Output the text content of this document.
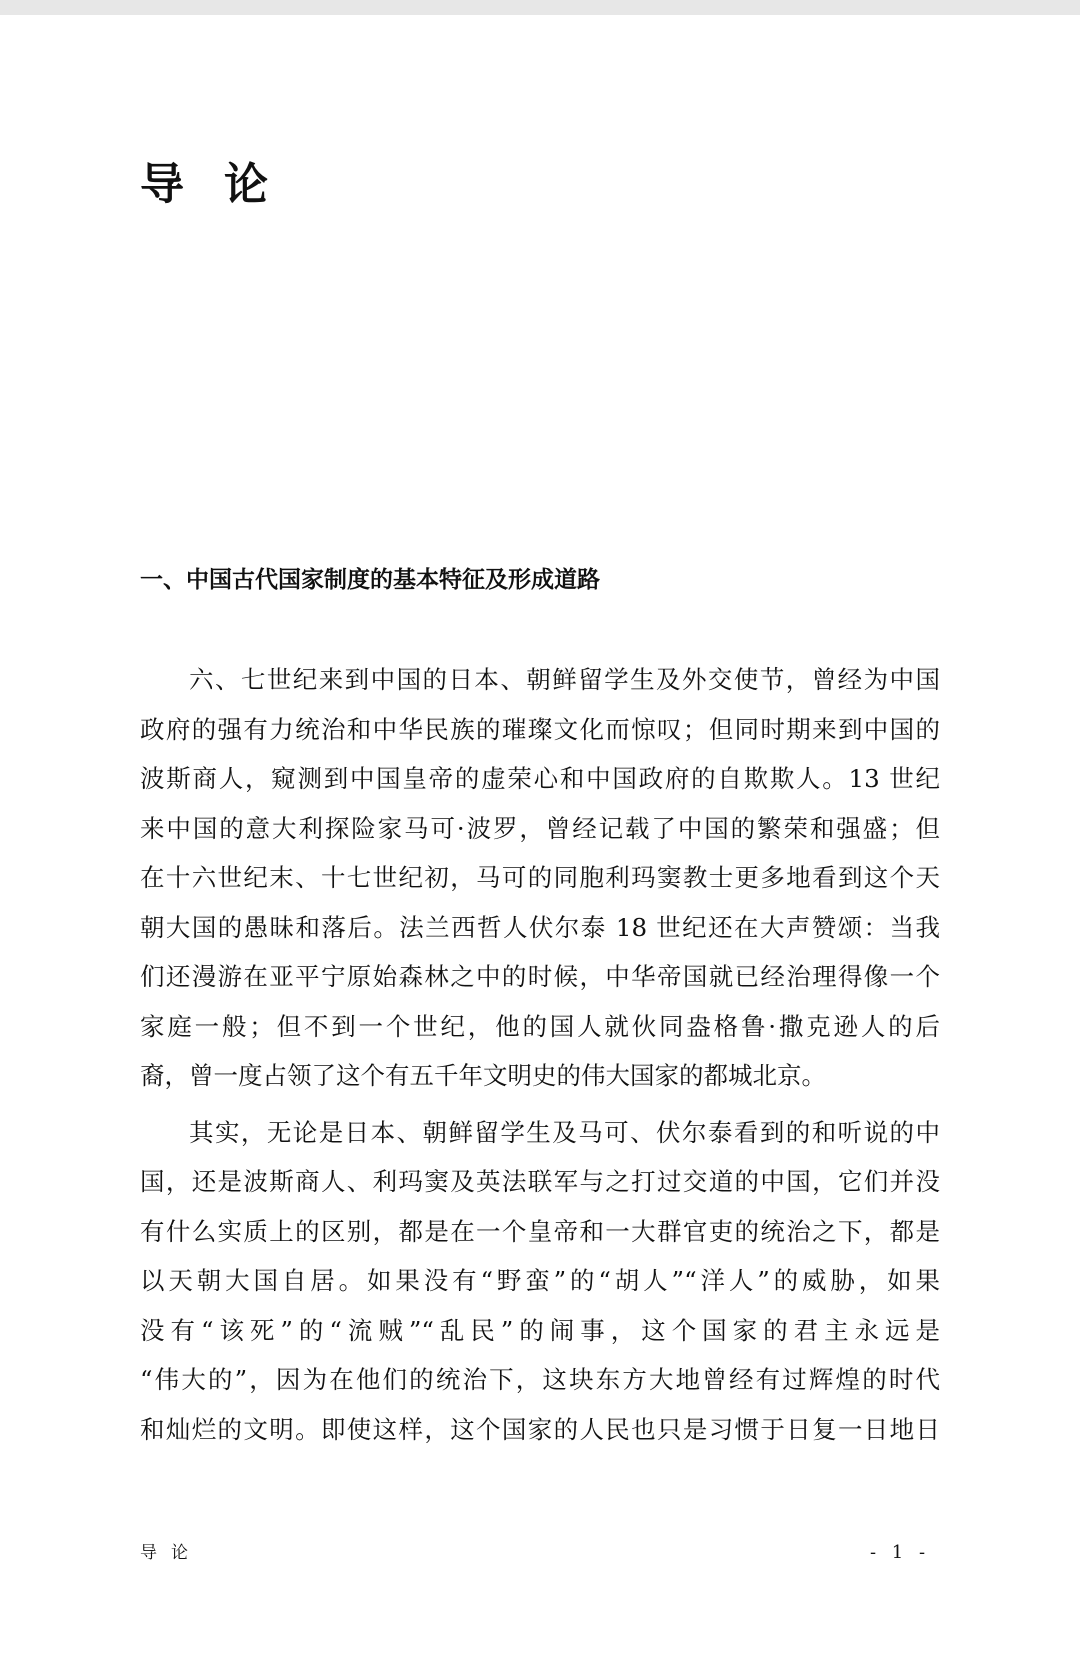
导论
一、中国古代国家制度的基本特征及形成道路

六、七世纪来到中国的日本、朝鲜留学生及外交使节，曾经为中国
政府的强有力统治和中华民族的璀璨文化而惊叹；但同时期来到中国的
波斯商人，窥测到中国皇帝的虚荣心和中国政府的自欺欺人。13 世纪
来中国的意大利探险家马可·波罗，曾经记载了中国的繁荣和强盛；但
在十六世纪末、十七世纪初，马可的同胞利玛窦教士更多地看到这个天
朝大国的愚昧和落后。法兰西哲人伏尔泰 18 世纪还在大声赞颂：当我
们还漫游在亚平宁原始森林之中的时候，中华帝国就已经治理得像一个
家庭一般；但不到一个世纪，他的国人就伙同盎格鲁·撒克逊人的后
裔，曾一度占领了这个有五千年文明史的伟大国家的都城北京。

其实，无论是日本、朝鲜留学生及马可、伏尔泰看到的和听说的中
国，还是波斯商人、利玛窦及英法联军与之打过交道的中国，它们并没
有什么实质上的区别，都是在一个皇帝和一大群官吏的统治之下，都是
以天朝大国自居。如果没有“野蛮”的“胡人”“洋人”的威胁，如果
没有“该死”的“流贼”“乱民”的闹事，这个国家的君主永远是
“伟大的”，因为在他们的统治下，这块东方大地曾经有过辉煌的时代
和灿烂的文明。即使这样，这个国家的人民也只是习惯于日复一日地日

导论	- 1 -
